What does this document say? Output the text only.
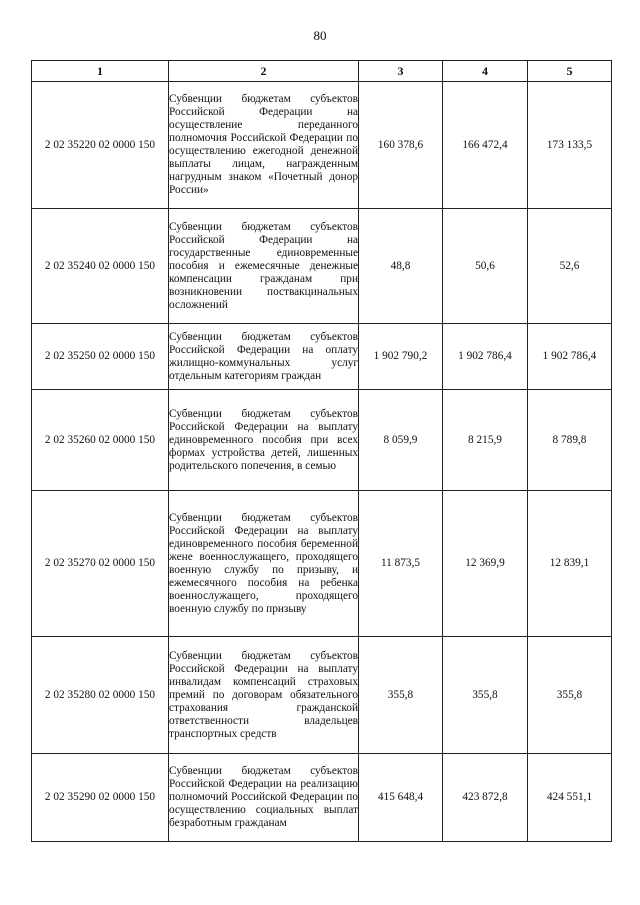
80
1	2	3	4	5
2 02 35220 02 0000 150	Субвенции бюджетам субъектов Российской Федерации на осуществление переданного полномочия Российской Федерации по осуществлению ежегодной денежной выплаты лицам, награжденным нагрудным знаком «Почетный донор России»	160 378,6	166 472,4	173 133,5
2 02 35240 02 0000 150	Субвенции бюджетам субъектов Российской Федерации на государственные единовременные пособия и ежемесячные денежные компенсации гражданам при возникновении поствакцинальных осложнений	48,8	50,6	52,6
2 02 35250 02 0000 150	Субвенции бюджетам субъектов Российской Федерации на оплату жилищно-коммунальных услуг отдельным категориям граждан	1 902 790,2	1 902 786,4	1 902 786,4
2 02 35260 02 0000 150	Субвенции бюджетам субъектов Российской Федерации на выплату единовременного пособия при всех формах устройства детей, лишенных родительского попечения, в семью	8 059,9	8 215,9	8 789,8
2 02 35270 02 0000 150	Субвенции бюджетам субъектов Российской Федерации на выплату единовременного пособия беременной жене военнослужащего, проходящего военную службу по призыву, и ежемесячного пособия на ребенка военнослужащего, проходящего военную службу по призыву	11 873,5	12 369,9	12 839,1
2 02 35280 02 0000 150	Субвенции бюджетам субъектов Российской Федерации на выплату инвалидам компенсаций страховых премий по договорам обязательного страхования гражданской ответственности владельцев транспортных средств	355,8	355,8	355,8
2 02 35290 02 0000 150	Субвенции бюджетам субъектов Российской Федерации на реализацию полномочий Российской Федерации по осуществлению социальных выплат безработным гражданам	415 648,4	423 872,8	424 551,1
